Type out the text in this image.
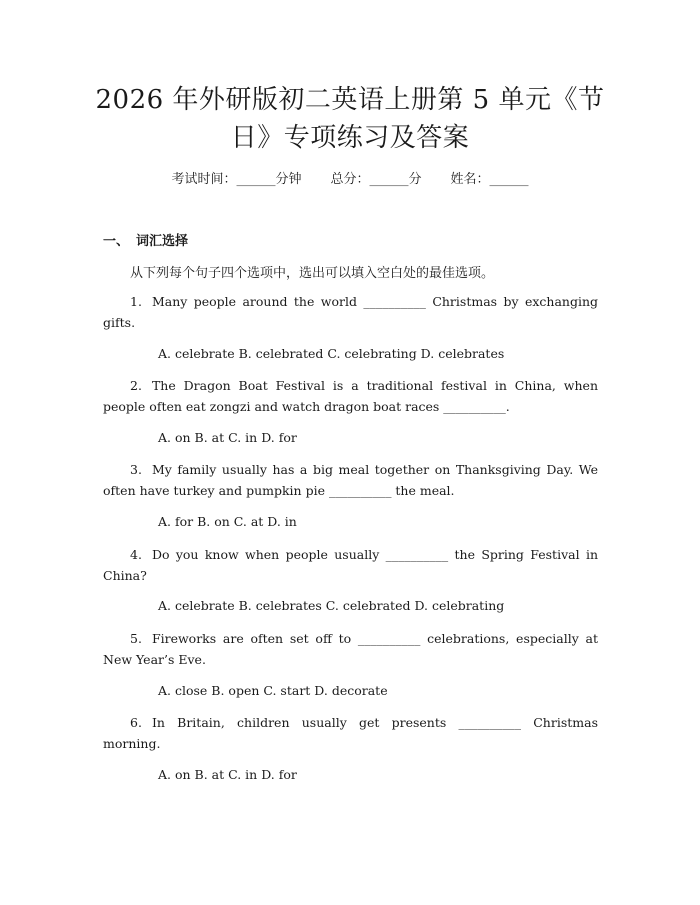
2026 年外研版初二英语上册第 5 单元《节
日》专项练习及答案
考试时间：______分钟 总分：______分 姓名：______
一、 词汇选择
从下列每个句子四个选项中，选出可以填入空白处的最佳选项。
1. Many people around the world __________ Christmas by exchanging gifts.
A. celebrate B. celebrated C. celebrating D. celebrates
2. The Dragon Boat Festival is a traditional festival in China, when people often eat zongzi and watch dragon boat races __________.
A. on B. at C. in D. for
3. My family usually has a big meal together on Thanksgiving Day. We often have turkey and pumpkin pie __________ the meal.
A. for B. on C. at D. in
4. Do you know when people usually __________ the Spring Festival in China?
A. celebrate B. celebrates C. celebrated D. celebrating
5. Fireworks are often set off to __________ celebrations, especially at New Year’s Eve.
A. close B. open C. start D. decorate
6. In Britain, children usually get presents __________ Christmas morning.
A. on B. at C. in D. for
